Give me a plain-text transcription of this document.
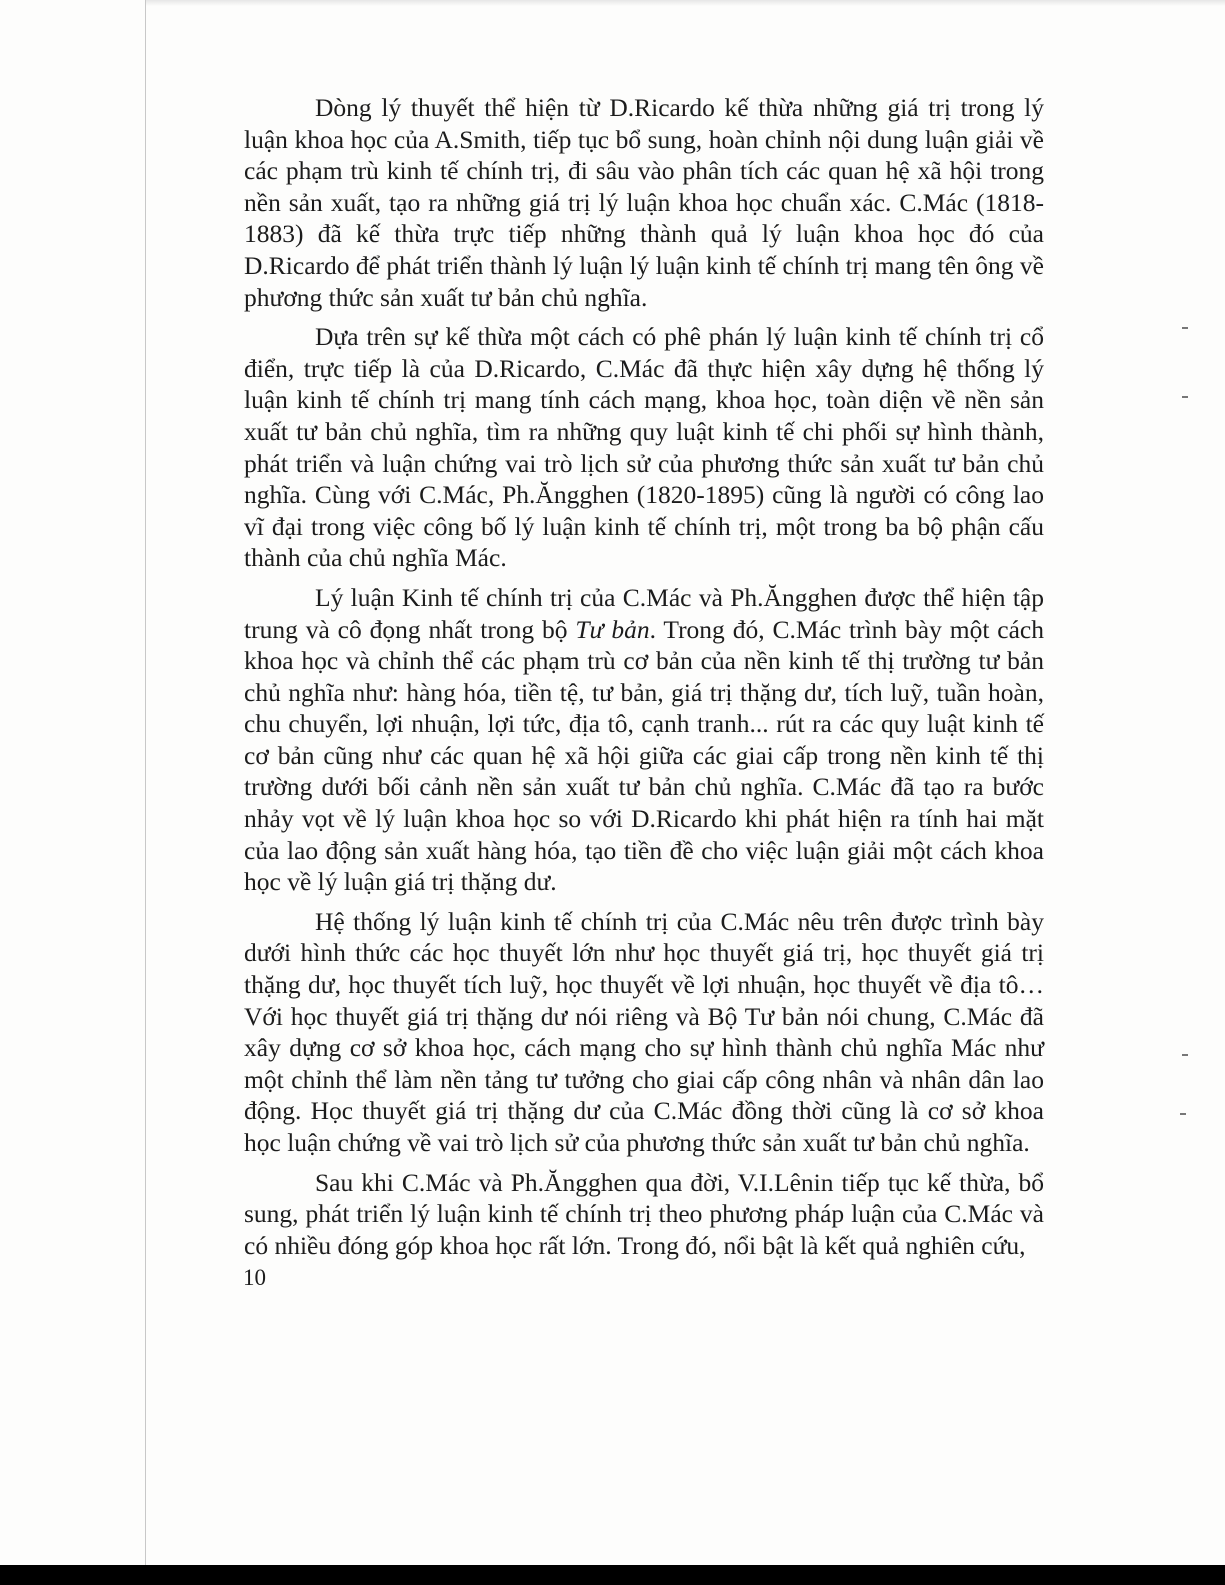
Dòng lý thuyết thể hiện từ D.Ricardo kế thừa những giá trị trong lý luận khoa học của A.Smith, tiếp tục bổ sung, hoàn chỉnh nội dung luận giải về các phạm trù kinh tế chính trị, đi sâu vào phân tích các quan hệ xã hội trong nền sản xuất, tạo ra những giá trị lý luận khoa học chuẩn xác. C.Mác (1818-1883) đã kế thừa trực tiếp những thành quả lý luận khoa học đó của D.Ricardo để phát triển thành lý luận lý luận kinh tế chính trị mang tên ông về phương thức sản xuất tư bản chủ nghĩa.

Dựa trên sự kế thừa một cách có phê phán lý luận kinh tế chính trị cổ điển, trực tiếp là của D.Ricardo, C.Mác đã thực hiện xây dựng hệ thống lý luận kinh tế chính trị mang tính cách mạng, khoa học, toàn diện về nền sản xuất tư bản chủ nghĩa, tìm ra những quy luật kinh tế chi phối sự hình thành, phát triển và luận chứng vai trò lịch sử của phương thức sản xuất tư bản chủ nghĩa. Cùng với C.Mác, Ph.Ăngghen (1820-1895) cũng là người có công lao vĩ đại trong việc công bố lý luận kinh tế chính trị, một trong ba bộ phận cấu thành của chủ nghĩa Mác.

Lý luận Kinh tế chính trị của C.Mác và Ph.Ăngghen được thể hiện tập trung và cô đọng nhất trong bộ Tư bản. Trong đó, C.Mác trình bày một cách khoa học và chỉnh thể các phạm trù cơ bản của nền kinh tế thị trường tư bản chủ nghĩa như: hàng hóa, tiền tệ, tư bản, giá trị thặng dư, tích luỹ, tuần hoàn, chu chuyển, lợi nhuận, lợi tức, địa tô, cạnh tranh... rút ra các quy luật kinh tế cơ bản cũng như các quan hệ xã hội giữa các giai cấp trong nền kinh tế thị trường dưới bối cảnh nền sản xuất tư bản chủ nghĩa. C.Mác đã tạo ra bước nhảy vọt về lý luận khoa học so với D.Ricardo khi phát hiện ra tính hai mặt của lao động sản xuất hàng hóa, tạo tiền đề cho việc luận giải một cách khoa học về lý luận giá trị thặng dư.

Hệ thống lý luận kinh tế chính trị của C.Mác nêu trên được trình bày dưới hình thức các học thuyết lớn như học thuyết giá trị, học thuyết giá trị thặng dư, học thuyết tích luỹ, học thuyết về lợi nhuận, học thuyết về địa tô… Với học thuyết giá trị thặng dư nói riêng và Bộ Tư bản nói chung, C.Mác đã xây dựng cơ sở khoa học, cách mạng cho sự hình thành chủ nghĩa Mác như một chỉnh thể làm nền tảng tư tưởng cho giai cấp công nhân và nhân dân lao động. Học thuyết giá trị thặng dư của C.Mác đồng thời cũng là cơ sở khoa học luận chứng về vai trò lịch sử của phương thức sản xuất tư bản chủ nghĩa.

Sau khi C.Mác và Ph.Ăngghen qua đời, V.I.Lênin tiếp tục kế thừa, bổ sung, phát triển lý luận kinh tế chính trị theo phương pháp luận của C.Mác và có nhiều đóng góp khoa học rất lớn. Trong đó, nổi bật là kết quả nghiên cứu,

10
